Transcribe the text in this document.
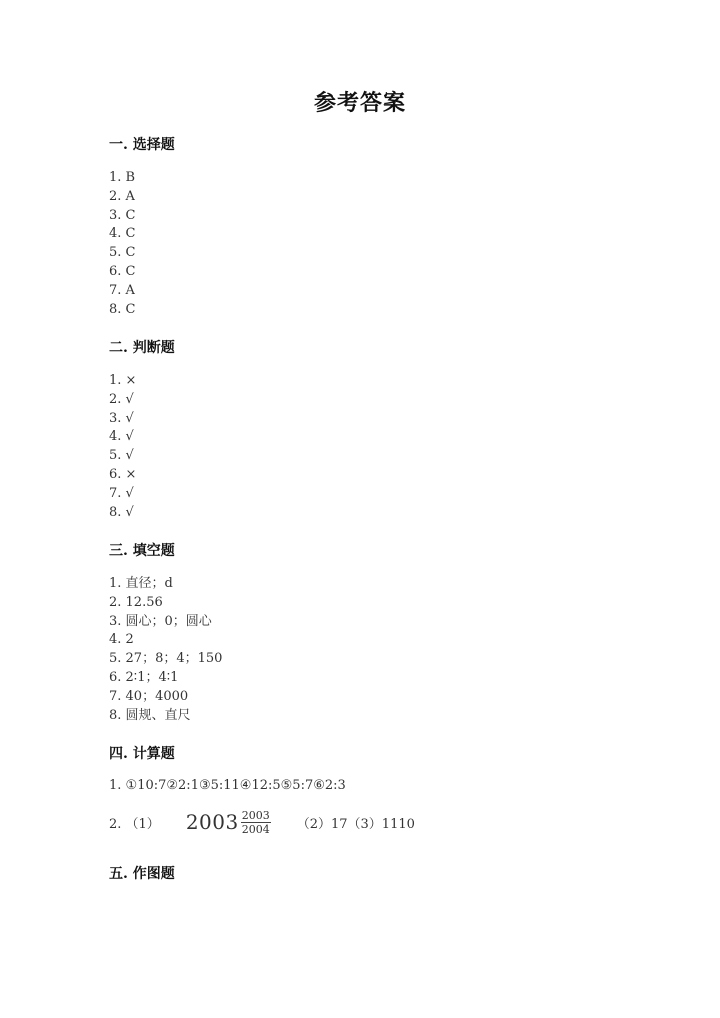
参考答案
一. 选择题
1. B
2. A
3. C
4. C
5. C
6. C
7. A
8. C
二. 判断题
1. ×
2. √
3. √
4. √
5. √
6. ×
7. √
8. √
三. 填空题
1. 直径；d
2. 12.56
3. 圆心；0；圆心
4. 2
5. 27；8；4；150
6. 2∶1；4∶1
7. 40；4000
8. 圆规、直尺
四. 计算题
1. ①10:7②2:1③5:11④12:5⑤5:7⑥2:3
2. （1） $2003 \frac{2003}{2004} (2)17(3)1110$
五. 作图题
